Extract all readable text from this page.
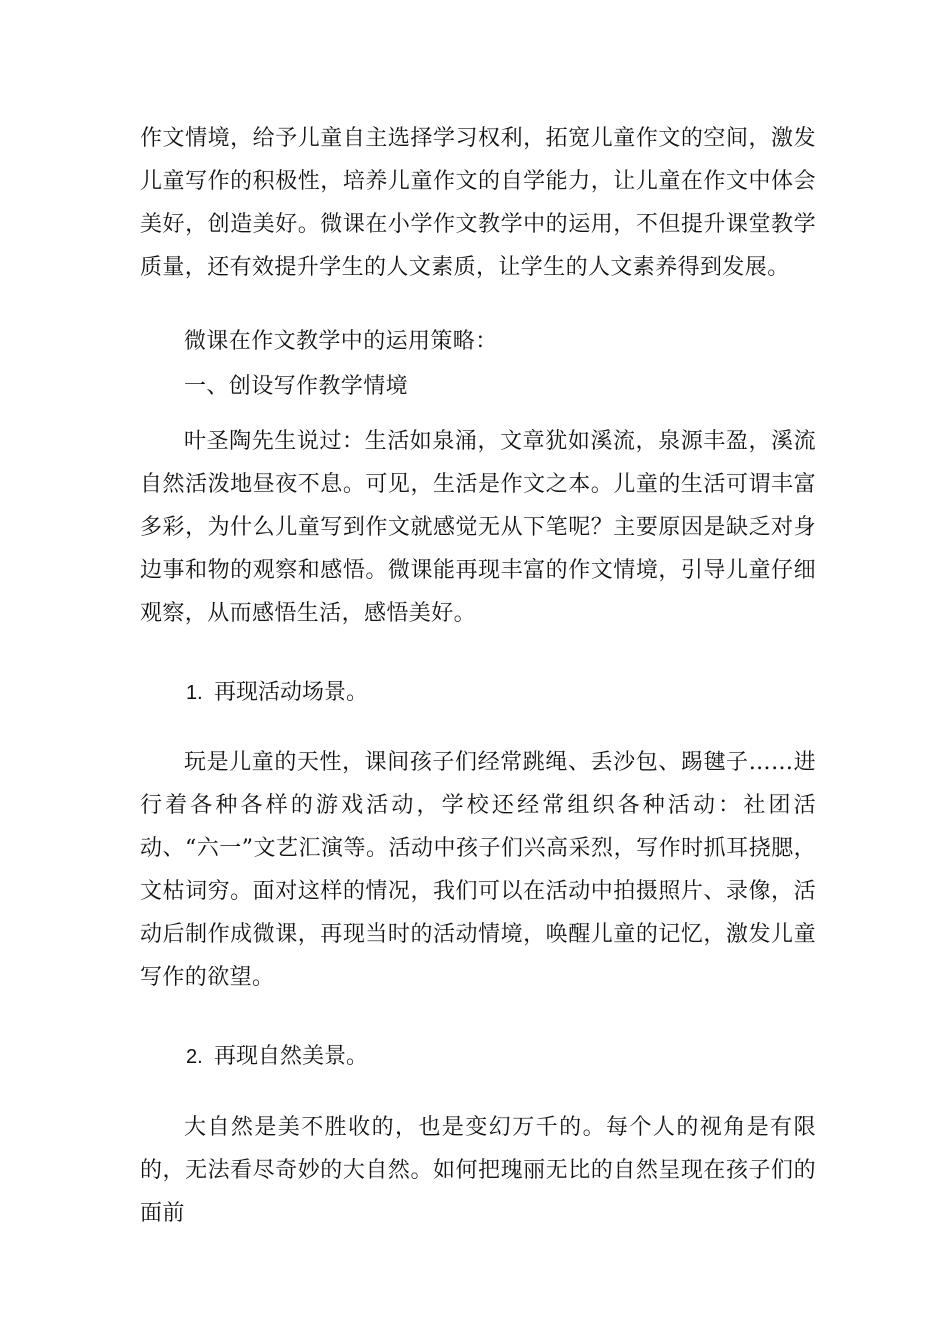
作文情境，给予儿童自主选择学习权利，拓宽儿童作文的空间，激发儿童写作的积极性，培养儿童作文的自学能力，让儿童在作文中体会美好，创造美好。微课在小学作文教学中的运用，不但提升课堂教学质量，还有效提升学生的人文素质，让学生的人文素养得到发展。

微课在作文教学中的运用策略：

一、创设写作教学情境

叶圣陶先生说过：生活如泉涌，文章犹如溪流，泉源丰盈，溪流自然活泼地昼夜不息。可见，生活是作文之本。儿童的生活可谓丰富多彩，为什么儿童写到作文就感觉无从下笔呢？主要原因是缺乏对身边事和物的观察和感悟。微课能再现丰富的作文情境，引导儿童仔细观察，从而感悟生活，感悟美好。

1. 再现活动场景。

玩是儿童的天性，课间孩子们经常跳绳、丢沙包、踢毽子……进行着各种各样的游戏活动，学校还经常组织各种活动：社团活动、“六一”文艺汇演等。活动中孩子们兴高采烈，写作时抓耳挠腮，文枯词穷。面对这样的情况，我们可以在活动中拍摄照片、录像，活动后制作成微课，再现当时的活动情境，唤醒儿童的记忆，激发儿童写作的欲望。

2. 再现自然美景。

大自然是美不胜收的，也是变幻万千的。每个人的视角是有限的，无法看尽奇妙的大自然。如何把瑰丽无比的自然呈现在孩子们的面前
